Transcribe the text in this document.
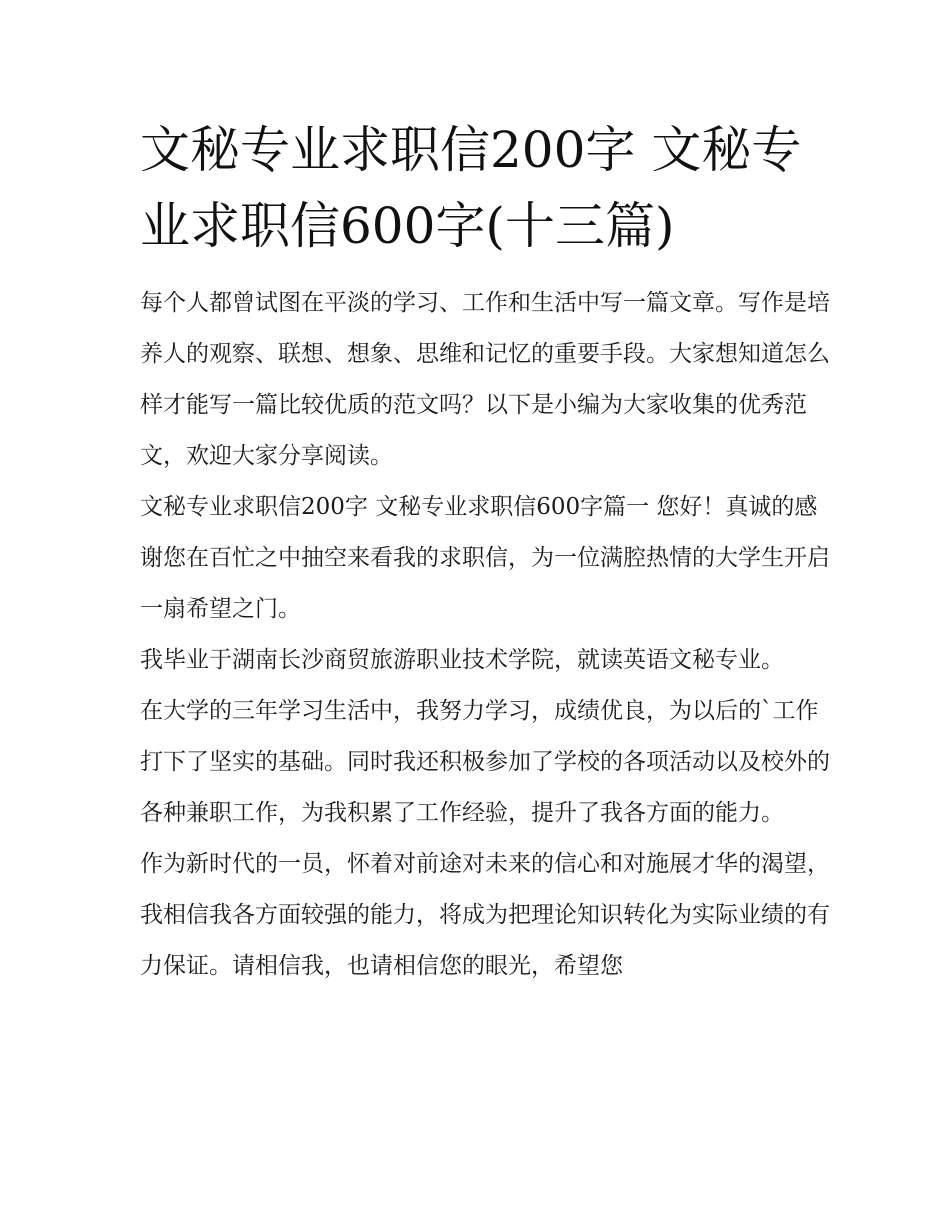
文秘专业求职信200字 文秘专业求职信600字(十三篇)

每个人都曾试图在平淡的学习、工作和生活中写一篇文章。写作是培养人的观察、联想、想象、思维和记忆的重要手段。大家想知道怎么样才能写一篇比较优质的范文吗？以下是小编为大家收集的优秀范文，欢迎大家分享阅读。

文秘专业求职信200字 文秘专业求职信600字篇一 您好！真诚的感谢您在百忙之中抽空来看我的求职信，为一位满腔热情的大学生开启一扇希望之门。

我毕业于湖南长沙商贸旅游职业技术学院，就读英语文秘专业。

在大学的三年学习生活中，我努力学习，成绩优良，为以后的`工作打下了坚实的基础。同时我还积极参加了学校的各项活动以及校外的各种兼职工作，为我积累了工作经验，提升了我各方面的能力。

作为新时代的一员，怀着对前途对未来的信心和对施展才华的渴望，我相信我各方面较强的能力，将成为把理论知识转化为实际业绩的有力保证。请相信我，也请相信您的眼光，希望您
